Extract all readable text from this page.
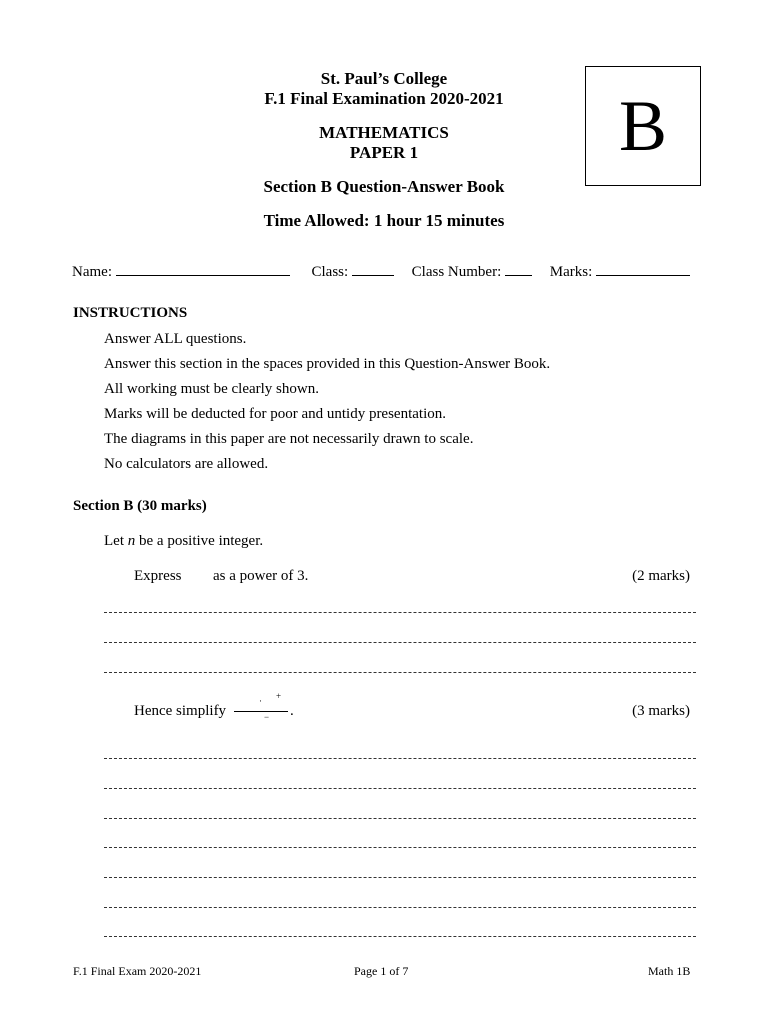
St. Paul’s College
F.1 Final Examination 2020-2021
MATHEMATICS
PAPER 1
Section B Question-Answer Book
Time Allowed: 1 hour 15 minutes
B
Name:	Class:	Class Number:	Marks:
INSTRUCTIONS
Answer ALL questions.
Answer this section in the spaces provided in this Question-Answer Book.
All working must be clearly shown.
Marks will be deducted for poor and untidy presentation.
The diagrams in this paper are not necessarily drawn to scale.
No calculators are allowed.
Section B (30 marks)
Let n be a positive integer.
Express as a power of 3.	(2 marks)
Hence simplify
· +
− .	(3 marks)
F.1 Final Exam 2020-2021	Page 1 of 7	Math 1B
